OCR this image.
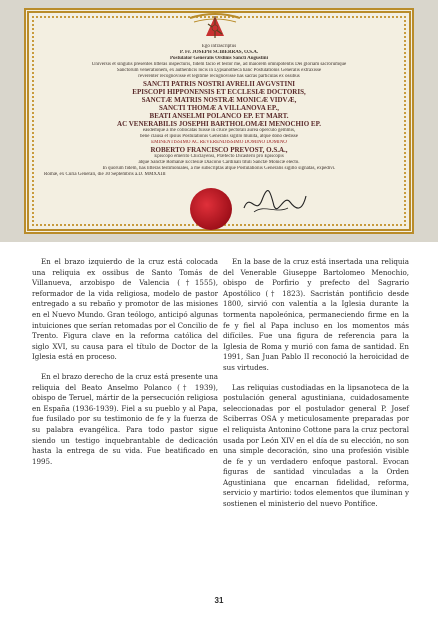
Ego infrascriptus
P. Fr. JOSEPH SCIBERRAS, O.S.A.
Postulator Generalis Ordinis Sancti Augustini
Universis et singulis presentes litteras inspecturis, fidem facio et testor me, ad maiorem omnipotentis Dei gloriam sacrorumque
Sanctorum venerationem, ex authenticis locis in Lypsanotheca hanc Postulationis Generalis extraxisse
reverenter recognovisse et legitime recognovisse has sacras particulas ex ossibus
SANCTI PATRIS NOSTRI AVRELII AVGVSTINI
EPISCOPI HIPPONENSIS ET ECCLESIÆ DOCTORIS,
SANCTÆ MATRIS NOSTRÆ MONICÆ VIDVÆ,
SANCTI THOMÆ A VILLANOVA EP.,
BEATI ANSELMI POLANCO EP. ET MART.
AC VENERABILIS JOSEPHI BARTHOLOMÆI MENOCHIO EP.
easdemque a me collocatas fuisse in cruce pectorali aurea operculo gemmis,
bene clausa et ipsius Postulationis Generalis sigillo munita, atque dono dedisse
EMINENTISSIMO AC REVERENDISSIMO DOMINO DOMINO
ROBERTO FRANCISCO PREVOST, O.S.A.,
Episcopo emerito Chiclayensi, Præfecto Dicasterii pro Episcopis
atque Sanctæ Romanæ Ecclesiæ Diacono Cardinali tituli Sanctæ Monicæ electo.
In quorum fidem, has litteras testimoniales, a me subscriptas atque Postulationis Generalis sigillo signatas, expedivi.
Romæ, ex Curia Generali, die 30 Septembris a.D. MMXXIII

En el brazo izquierdo de la cruz está colocada una reliquia ex ossibus de Santo Tomás de Villanueva, arzobispo de Valencia (†1555), reformador de la vida religiosa, modelo de pastor entregado a su rebaño y promotor de las misiones en el Nuevo Mundo. Gran teólogo, anticipó algunas intuiciones que serían retomadas por el Concilio de Trento. Figura clave en la reforma católica del siglo XVI, su causa para el título de Doctor de la Iglesia está en proceso.

En el brazo derecho de la cruz está presente una reliquia del Beato Anselmo Polanco († 1939), obispo de Teruel, mártir de la persecución religiosa en España (1936-1939). Fiel a su pueblo y al Papa, fue fusilado por su testimonio de fe y la fuerza de su palabra evangélica. Para todo pastor sigue siendo un testigo inquebrantable de dedicación hasta la entrega de su vida. Fue beatificado en 1995.

En la base de la cruz está insertada una reliquia del Venerable Giuseppe Bartolomeo Menochio, obispo de Porfirio y prefecto del Sagrario Apostólico († 1823). Sacristán pontificio desde 1800, sirvió con valentía a la Iglesia durante la tormenta napoleónica, permaneciendo firme en la fe y fiel al Papa incluso en los momentos más difíciles. Fue una figura de referencia para la Iglesia de Roma y murió con fama de santidad. En 1991, San Juan Pablo II reconoció la heroicidad de sus virtudes.

Las reliquias custodiadas en la lipsanoteca de la postulación general agustiniana, cuidadosamente seleccionadas por el postulador general P. Josef Sciberras OSA y meticulosamente preparadas por el reliquista Antonino Cottone para la cruz pectoral usada por León XIV en el día de su elección, no son una simple decoración, sino una profesión visible de fe y un verdadero enfoque pastoral. Evocan figuras de santidad vinculadas a la Orden Agustiniana que encarnan fidelidad, reforma, servicio y martirio: todos elementos que iluminan y sostienen el ministerio del nuevo Pontífice.

31
